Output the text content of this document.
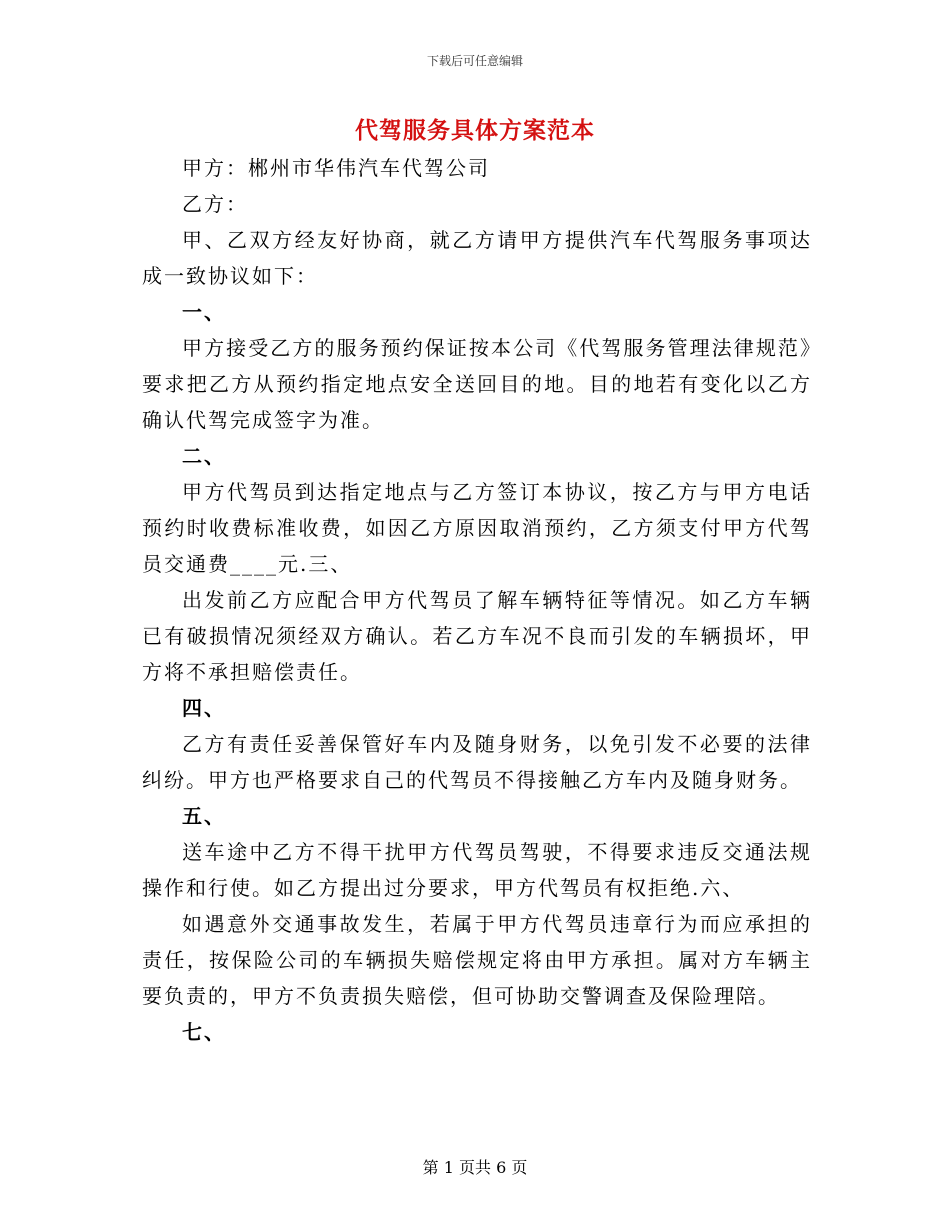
下载后可任意编辑
代驾服务具体方案范本

甲方：郴州市华伟汽车代驾公司

乙方：

甲、乙双方经友好协商，就乙方请甲方提供汽车代驾服务事项达成一致协议如下：

一、

甲方接受乙方的服务预约保证按本公司《代驾服务管理法律规范》要求把乙方从预约指定地点安全送回目的地。目的地若有变化以乙方确认代驾完成签字为准。

二、

甲方代驾员到达指定地点与乙方签订本协议，按乙方与甲方电话预约时收费标准收费，如因乙方原因取消预约，乙方须支付甲方代驾员交通费____元.三、

出发前乙方应配合甲方代驾员了解车辆特征等情况。如乙方车辆已有破损情况须经双方确认。若乙方车况不良而引发的车辆损坏，甲方将不承担赔偿责任。

四、

乙方有责任妥善保管好车内及随身财务，以免引发不必要的法律纠纷。甲方也严格要求自己的代驾员不得接触乙方车内及随身财务。

五、

送车途中乙方不得干扰甲方代驾员驾驶，不得要求违反交通法规操作和行使。如乙方提出过分要求，甲方代驾员有权拒绝.六、

如遇意外交通事故发生，若属于甲方代驾员违章行为而应承担的责任，按保险公司的车辆损失赔偿规定将由甲方承担。属对方车辆主要负责的，甲方不负责损失赔偿，但可协助交警调查及保险理陪。

七、

第 1 页共 6 页
